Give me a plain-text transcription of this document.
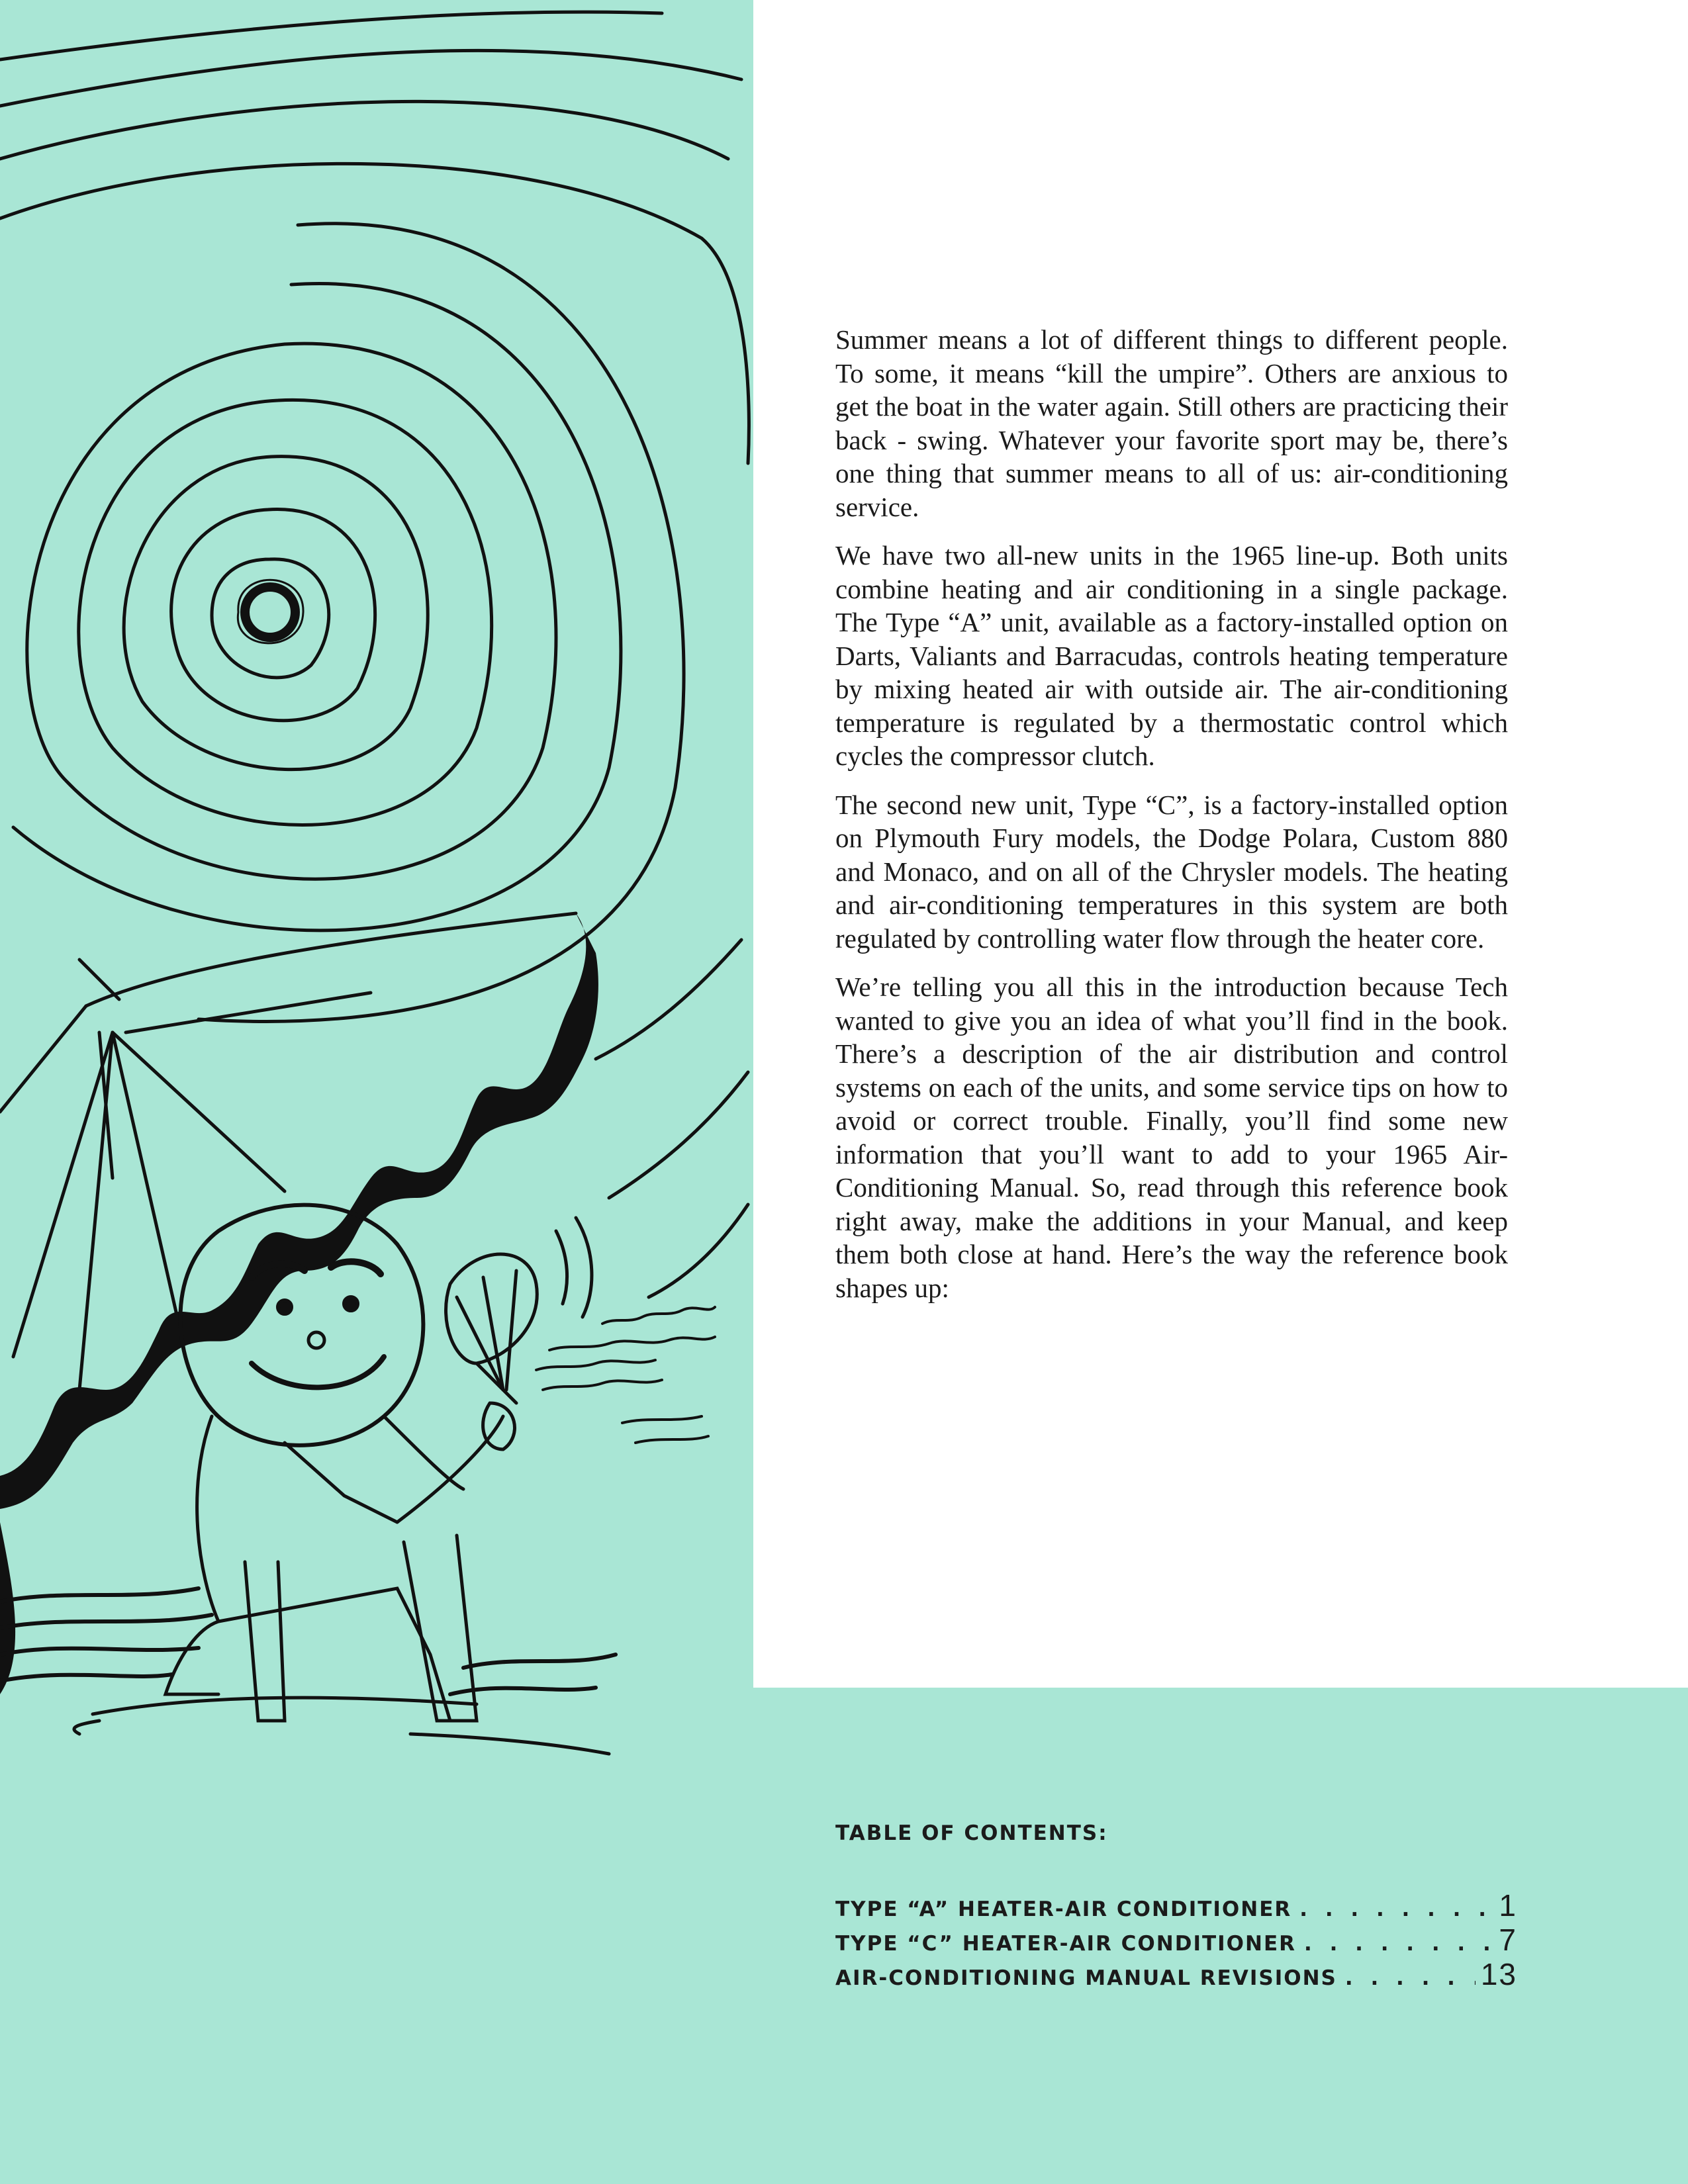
Summer means a lot of different things to different people. To some, it means “kill the umpire”. Others are anxious to get the boat in the water again. Still others are practicing their back - swing. Whatever your favorite sport may be, there’s one thing that summer means to all of us: air-conditioning service.

We have two all-new units in the 1965 line-up. Both units combine heating and air conditioning in a single package. The Type “A” unit, available as a factory-installed option on Darts, Valiants and Barracudas, controls heating temperature by mixing heated air with outside air. The air-conditioning temperature is regulated by a thermostatic control which cycles the compressor clutch.

The second new unit, Type “C”, is a factory-installed option on Plymouth Fury models, the Dodge Polara, Custom 880 and Monaco, and on all of the Chrysler models. The heating and air-conditioning temperatures in this system are both regulated by controlling water flow through the heater core.

We’re telling you all this in the introduction because Tech wanted to give you an idea of what you’ll find in the book. There’s a description of the air distribution and control systems on each of the units, and some service tips on how to avoid or correct trouble. Finally, you’ll find some new information that you’ll want to add to your 1965 Air-Conditioning Manual. So, read through this reference book right away, make the additions in your Manual, and keep them both close at hand. Here’s the way the reference book shapes up:

TABLE OF CONTENTS:
TYPE “A” HEATER-AIR CONDITIONER . . .	1
TYPE “C” HEATER-AIR CONDITIONER . . .	7
AIR-CONDITIONING MANUAL REVISIONS . . .	13
